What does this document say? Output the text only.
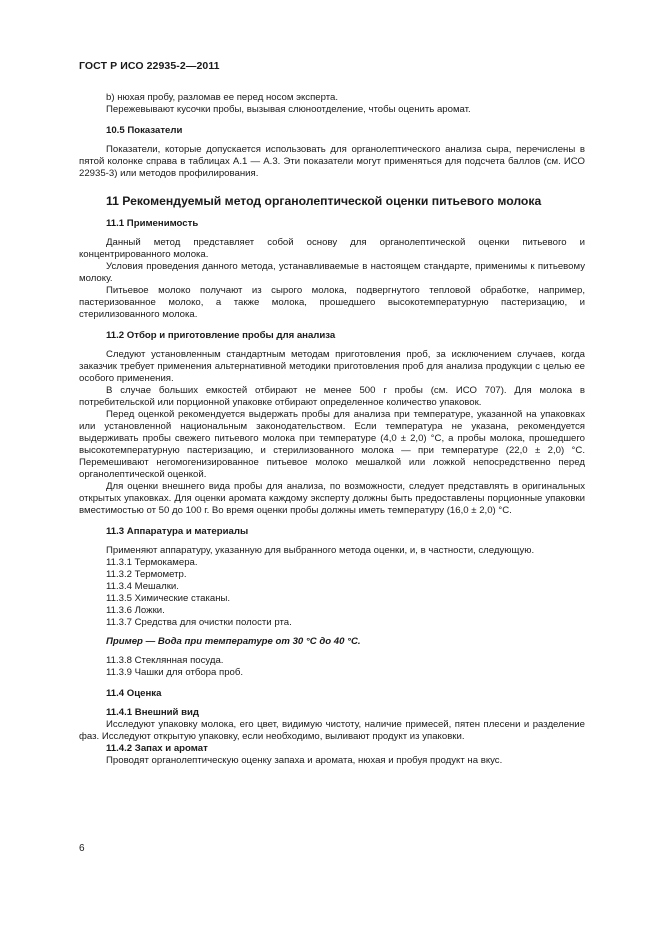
ГОСТ Р ИСО 22935-2—2011

b) нюхая пробу, разломав ее перед носом эксперта.

Пережевывают кусочки пробы, вызывая слюноотделение, чтобы оценить аромат.

10.5 Показатели

Показатели, которые допускается использовать для органолептического анализа сыра, перечислены в пятой колонке справа в таблицах А.1 — А.3. Эти показатели могут применяться для подсчета баллов (см. ИСО 22935-3) или методов профилирования.

11 Рекомендуемый метод органолептической оценки питьевого молока

11.1 Применимость

Данный метод представляет собой основу для органолептической оценки питьевого и концентрированного молока.

Условия проведения данного метода, устанавливаемые в настоящем стандарте, применимы к питьевому молоку.

Питьевое молоко получают из сырого молока, подвергнутого тепловой обработке, например, пастеризованное молоко, а также молока, прошедшего высокотемпературную пастеризацию, и стерилизованного молока.

11.2 Отбор и приготовление пробы для анализа

Следуют установленным стандартным методам приготовления проб, за исключением случаев, когда заказчик требует применения альтернативной методики приготовления проб для анализа продукции с целью ее особого применения.

В случае больших емкостей отбирают не менее 500 г пробы (см. ИСО 707). Для молока в потребительской или порционной упаковке отбирают определенное количество упаковок.

Перед оценкой рекомендуется выдержать пробы для анализа при температуре, указанной на упаковках или установленной национальным законодательством. Если температура не указана, рекомендуется выдерживать пробы свежего питьевого молока при температуре (4,0 ± 2,0) °С, а пробы молока, прошедшего высокотемпературную пастеризацию, и стерилизованного молока — при температуре (22,0 ± 2,0) °С. Перемешивают негомогенизированное питьевое молоко мешалкой или ложкой непосредственно перед органолептической оценкой.

Для оценки внешнего вида пробы для анализа, по возможности, следует представлять в оригинальных открытых упаковках. Для оценки аромата каждому эксперту должны быть предоставлены порционные упаковки вместимостью от 50 до 100 г. Во время оценки пробы должны иметь температуру (16,0 ± 2,0) °С.

11.3 Аппаратура и материалы

Применяют аппаратуру, указанную для выбранного метода оценки, и, в частности, следующую.

11.3.1 Термокамера.

11.3.2 Термометр.

11.3.4 Мешалки.

11.3.5 Химические стаканы.

11.3.6 Ложки.

11.3.7 Средства для очистки полости рта.

Пример — Вода при температуре от 30 °С до 40 °С.

11.3.8 Стеклянная посуда.

11.3.9 Чашки для отбора проб.

11.4 Оценка

11.4.1 Внешний вид

Исследуют упаковку молока, его цвет, видимую чистоту, наличие примесей, пятен плесени и разделение фаз. Исследуют открытую упаковку, если необходимо, выливают продукт из упаковки.

11.4.2 Запах и аромат

Проводят органолептическую оценку запаха и аромата, нюхая и пробуя продукт на вкус.

6
